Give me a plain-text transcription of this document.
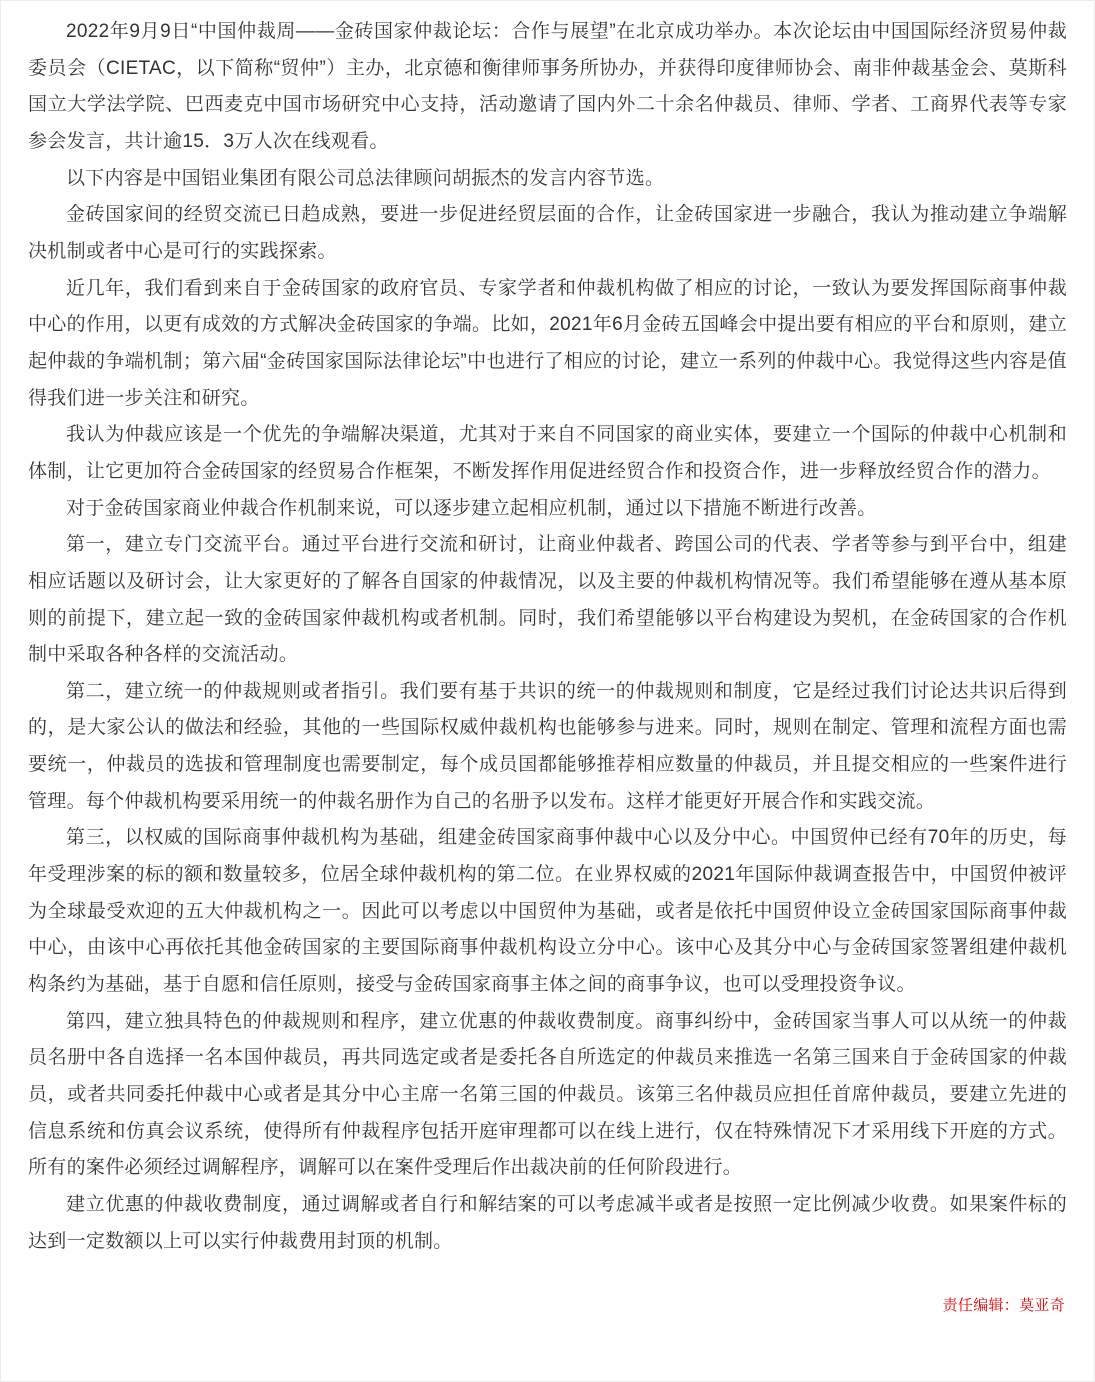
2022年9月9日“中国仲裁周——金砖国家仲裁论坛：合作与展望”在北京成功举办。本次论坛由中国国际经济贸易仲裁委员会（CIETAC，以下简称“贸仲”）主办，北京德和衡律师事务所协办，并获得印度律师协会、南非仲裁基金会、莫斯科国立大学法学院、巴西麦克中国市场研究中心支持，活动邀请了国内外二十余名仲裁员、律师、学者、工商界代表等专家参会发言，共计逾15．3万人次在线观看。

以下内容是中国铝业集团有限公司总法律顾问胡振杰的发言内容节选。

金砖国家间的经贸交流已日趋成熟，要进一步促进经贸层面的合作，让金砖国家进一步融合，我认为推动建立争端解决机制或者中心是可行的实践探索。

近几年，我们看到来自于金砖国家的政府官员、专家学者和仲裁机构做了相应的讨论，一致认为要发挥国际商事仲裁中心的作用，以更有成效的方式解决金砖国家的争端。比如，2021年6月金砖五国峰会中提出要有相应的平台和原则，建立起仲裁的争端机制；第六届“金砖国家国际法律论坛”中也进行了相应的讨论，建立一系列的仲裁中心。我觉得这些内容是值得我们进一步关注和研究。

我认为仲裁应该是一个优先的争端解决渠道，尤其对于来自不同国家的商业实体，要建立一个国际的仲裁中心机制和体制，让它更加符合金砖国家的经贸易合作框架，不断发挥作用促进经贸合作和投资合作，进一步释放经贸合作的潜力。

对于金砖国家商业仲裁合作机制来说，可以逐步建立起相应机制，通过以下措施不断进行改善。

第一，建立专门交流平台。通过平台进行交流和研讨，让商业仲裁者、跨国公司的代表、学者等参与到平台中，组建相应话题以及研讨会，让大家更好的了解各自国家的仲裁情况，以及主要的仲裁机构情况等。我们希望能够在遵从基本原则的前提下，建立起一致的金砖国家仲裁机构或者机制。同时，我们希望能够以平台构建设为契机，在金砖国家的合作机制中采取各种各样的交流活动。

第二，建立统一的仲裁规则或者指引。我们要有基于共识的统一的仲裁规则和制度，它是经过我们讨论达共识后得到的，是大家公认的做法和经验，其他的一些国际权威仲裁机构也能够参与进来。同时，规则在制定、管理和流程方面也需要统一，仲裁员的选拔和管理制度也需要制定，每个成员国都能够推荐相应数量的仲裁员，并且提交相应的一些案件进行管理。每个仲裁机构要采用统一的仲裁名册作为自己的名册予以发布。这样才能更好开展合作和实践交流。

第三，以权威的国际商事仲裁机构为基础，组建金砖国家商事仲裁中心以及分中心。中国贸仲已经有70年的历史，每年受理涉案的标的额和数量较多，位居全球仲裁机构的第二位。在业界权威的2021年国际仲裁调查报告中，中国贸仲被评为全球最受欢迎的五大仲裁机构之一。因此可以考虑以中国贸仲为基础，或者是依托中国贸仲设立金砖国家国际商事仲裁中心，由该中心再依托其他金砖国家的主要国际商事仲裁机构设立分中心。该中心及其分中心与金砖国家签署组建仲裁机构条约为基础，基于自愿和信任原则，接受与金砖国家商事主体之间的商事争议，也可以受理投资争议。

第四，建立独具特色的仲裁规则和程序，建立优惠的仲裁收费制度。商事纠纷中，金砖国家当事人可以从统一的仲裁员名册中各自选择一名本国仲裁员，再共同选定或者是委托各自所选定的仲裁员来推选一名第三国来自于金砖国家的仲裁员，或者共同委托仲裁中心或者是其分中心主席一名第三国的仲裁员。该第三名仲裁员应担任首席仲裁员，要建立先进的信息系统和仿真会议系统，使得所有仲裁程序包括开庭审理都可以在线上进行，仅在特殊情况下才采用线下开庭的方式。所有的案件必须经过调解程序，调解可以在案件受理后作出裁决前的任何阶段进行。

建立优惠的仲裁收费制度，通过调解或者自行和解结案的可以考虑减半或者是按照一定比例减少收费。如果案件标的达到一定数额以上可以实行仲裁费用封顶的机制。

责任编辑：莫亚奇
